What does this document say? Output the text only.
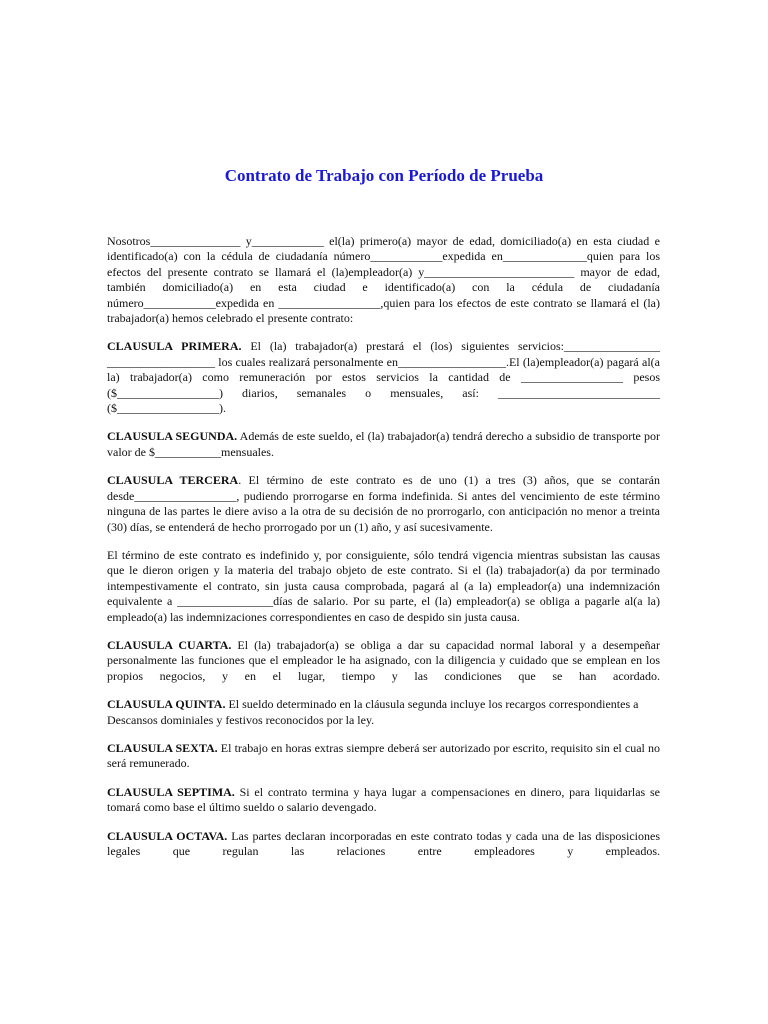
Contrato de Trabajo con Período de Prueba

Nosotros_______________ y____________ el(la) primero(a) mayor de edad, domiciliado(a) en esta ciudad e identificado(a) con la cédula de ciudadanía número____________expedida en______________quien para los efectos del presente contrato se llamará el (la)empleador(a) y_________________________ mayor de edad, también domiciliado(a) en esta ciudad e identificado(a) con la cédula de ciudadanía número____________expedida en _________________,quien para los efectos de este contrato se llamará el (la) trabajador(a) hemos celebrado el presente contrato:

CLAUSULA PRIMERA. El (la) trabajador(a) prestará el (los) siguientes servicios:________________ __________________ los cuales realizará personalmente en__________________.El (la)empleador(a) pagará al(a la) trabajador(a) como remuneración por estos servicios la cantidad de _________________ pesos ($_________________) diarios, semanales o mensuales, así: ___________________________ ($_________________).

CLAUSULA SEGUNDA. Además de este sueldo, el (la) trabajador(a) tendrá derecho a subsidio de transporte por valor de $___________mensuales.

CLAUSULA TERCERA. El término de este contrato es de uno (1) a tres (3) años, que se contarán desde_________________, pudiendo prorrogarse en forma indefinida. Si antes del vencimiento de este término ninguna de las partes le diere aviso a la otra de su decisión de no prorrogarlo, con anticipación no menor a treinta (30) días, se entenderá de hecho prorrogado por un (1) año, y así sucesivamente.

El término de este contrato es indefinido y, por consiguiente, sólo tendrá vigencia mientras subsistan las causas que le dieron origen y la materia del trabajo objeto de este contrato. Si el (la) trabajador(a) da por terminado intempestivamente el contrato, sin justa causa comprobada, pagará al (a la) empleador(a) una indemnización equivalente a ________________días de salario. Por su parte, el (la) empleador(a) se obliga a pagarle al(a la) empleado(a) las indemnizaciones correspondientes en caso de despido sin justa causa.

CLAUSULA CUARTA. El (la) trabajador(a) se obliga a dar su capacidad normal laboral y a desempeñar personalmente las funciones que el empleador le ha asignado, con la diligencia y cuidado que se emplean en los propios negocios, y en el lugar, tiempo y las condiciones que se han acordado.

CLAUSULA QUINTA. El sueldo determinado en la cláusula segunda incluye los recargos correspondientes a
Descansos dominiales y festivos reconocidos por la ley.

CLAUSULA SEXTA. El trabajo en horas extras siempre deberá ser autorizado por escrito, requisito sin el cual no será remunerado.

CLAUSULA SEPTIMA. Si el contrato termina y haya lugar a compensaciones en dinero, para liquidarlas se tomará como base el último sueldo o salario devengado.

CLAUSULA OCTAVA. Las partes declaran incorporadas en este contrato todas y cada una de las disposiciones legales que regulan las relaciones entre empleadores y empleados.
